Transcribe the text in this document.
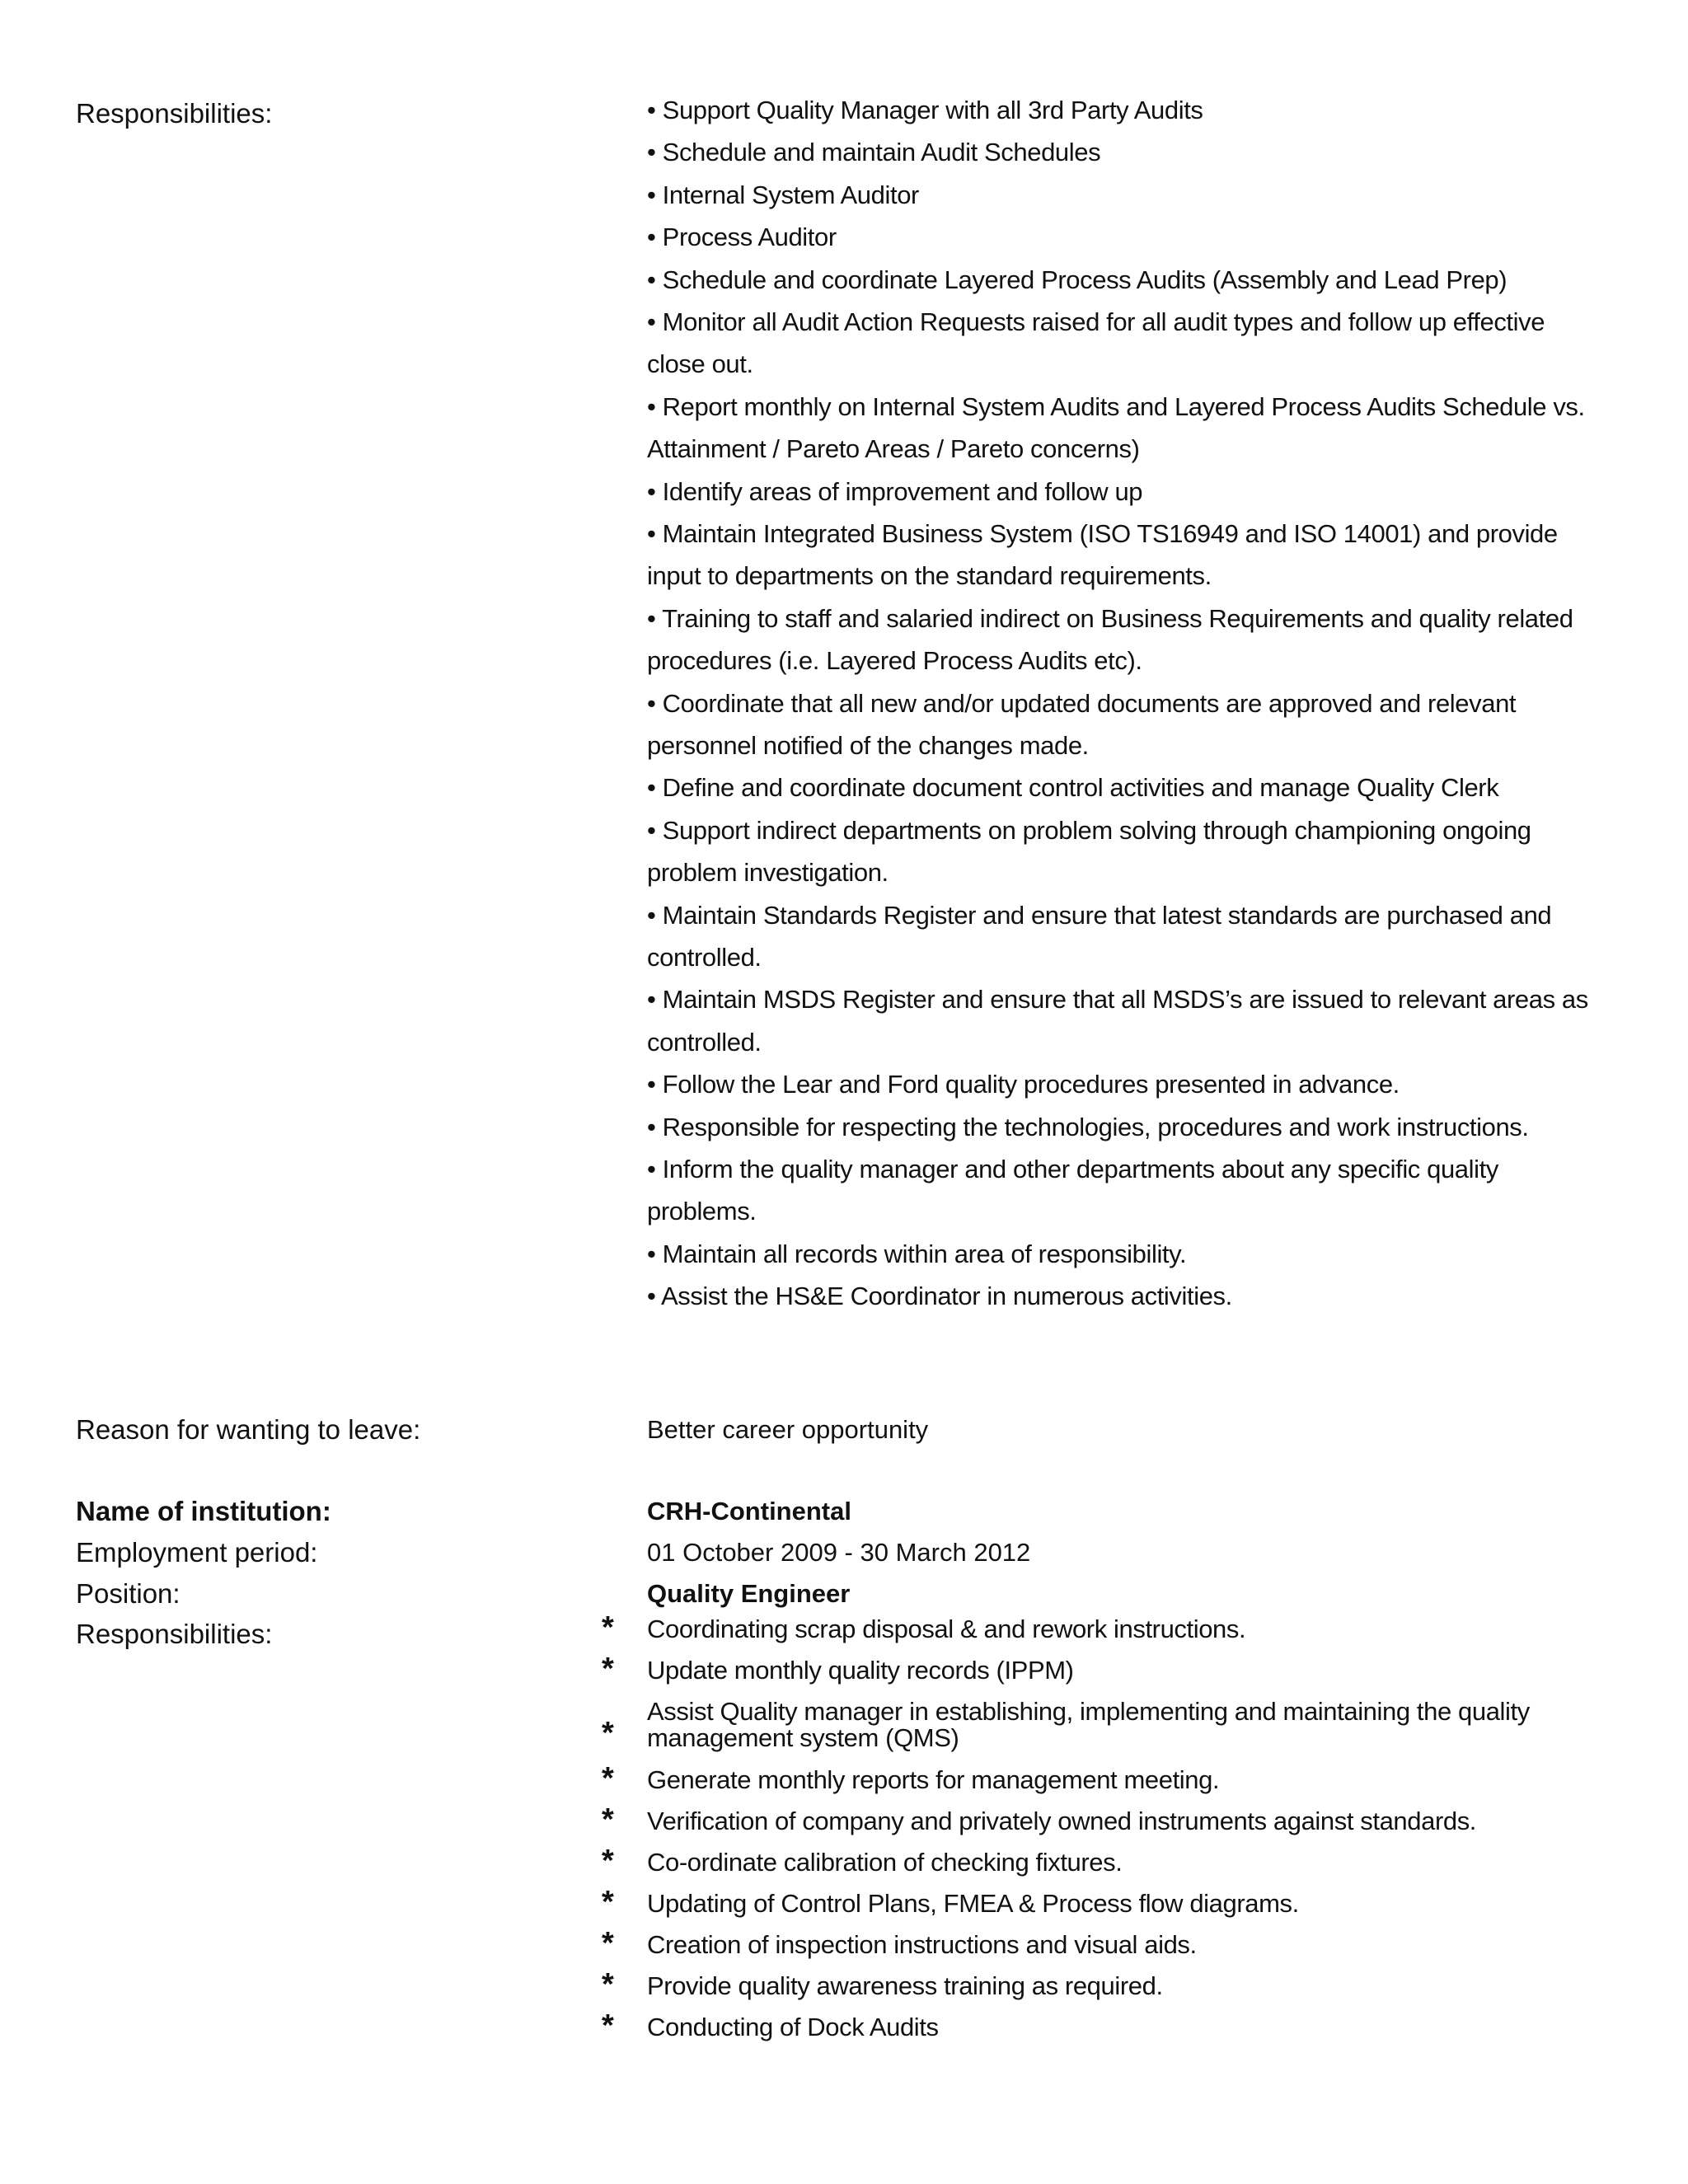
Responsibilities:	• Support Quality Manager with all 3rd Party Audits
• Schedule and maintain Audit Schedules
• Internal System Auditor
• Process Auditor
• Schedule and coordinate Layered Process Audits (Assembly and Lead Prep)
• Monitor all Audit Action Requests raised for all audit types and follow up effective
close out.
• Report monthly on Internal System Audits and Layered Process Audits Schedule vs.
Attainment / Pareto Areas / Pareto concerns)
• Identify areas of improvement and follow up
• Maintain Integrated Business System (ISO TS16949 and ISO 14001) and provide
input to departments on the standard requirements.
• Training to staff and salaried indirect on Business Requirements and quality related
procedures (i.e. Layered Process Audits etc).
• Coordinate that all new and/or updated documents are approved and relevant
personnel notified of the changes made.
• Define and coordinate document control activities and manage Quality Clerk
• Support indirect departments on problem solving through championing ongoing
problem investigation.
• Maintain Standards Register and ensure that latest standards are purchased and
controlled.
• Maintain MSDS Register and ensure that all MSDS’s are issued to relevant areas as
controlled.
• Follow the Lear and Ford quality procedures presented in advance.
• Responsible for respecting the technologies, procedures and work instructions.
• Inform the quality manager and other departments about any specific quality
problems.
• Maintain all records within area of responsibility.
• Assist the HS&E Coordinator in numerous activities.
Reason for wanting to leave:	Better career opportunity
Name of institution:	CRH-Continental
Employment period:	01 October 2009 - 30 March 2012
Position:	Quality Engineer
Responsibilities:	* Coordinating scrap disposal & and rework instructions.
* Update monthly quality records (IPPM)
*
Assist Quality manager in establishing, implementing and maintaining the quality
management system (QMS)
* Generate monthly reports for management meeting.
* Verification of company and privately owned instruments against standards.
* Co-ordinate calibration of checking fixtures.
* Updating of Control Plans, FMEA & Process flow diagrams.
* Creation of inspection instructions and visual aids.
* Provide quality awareness training as required.
* Conducting of Dock Audits
